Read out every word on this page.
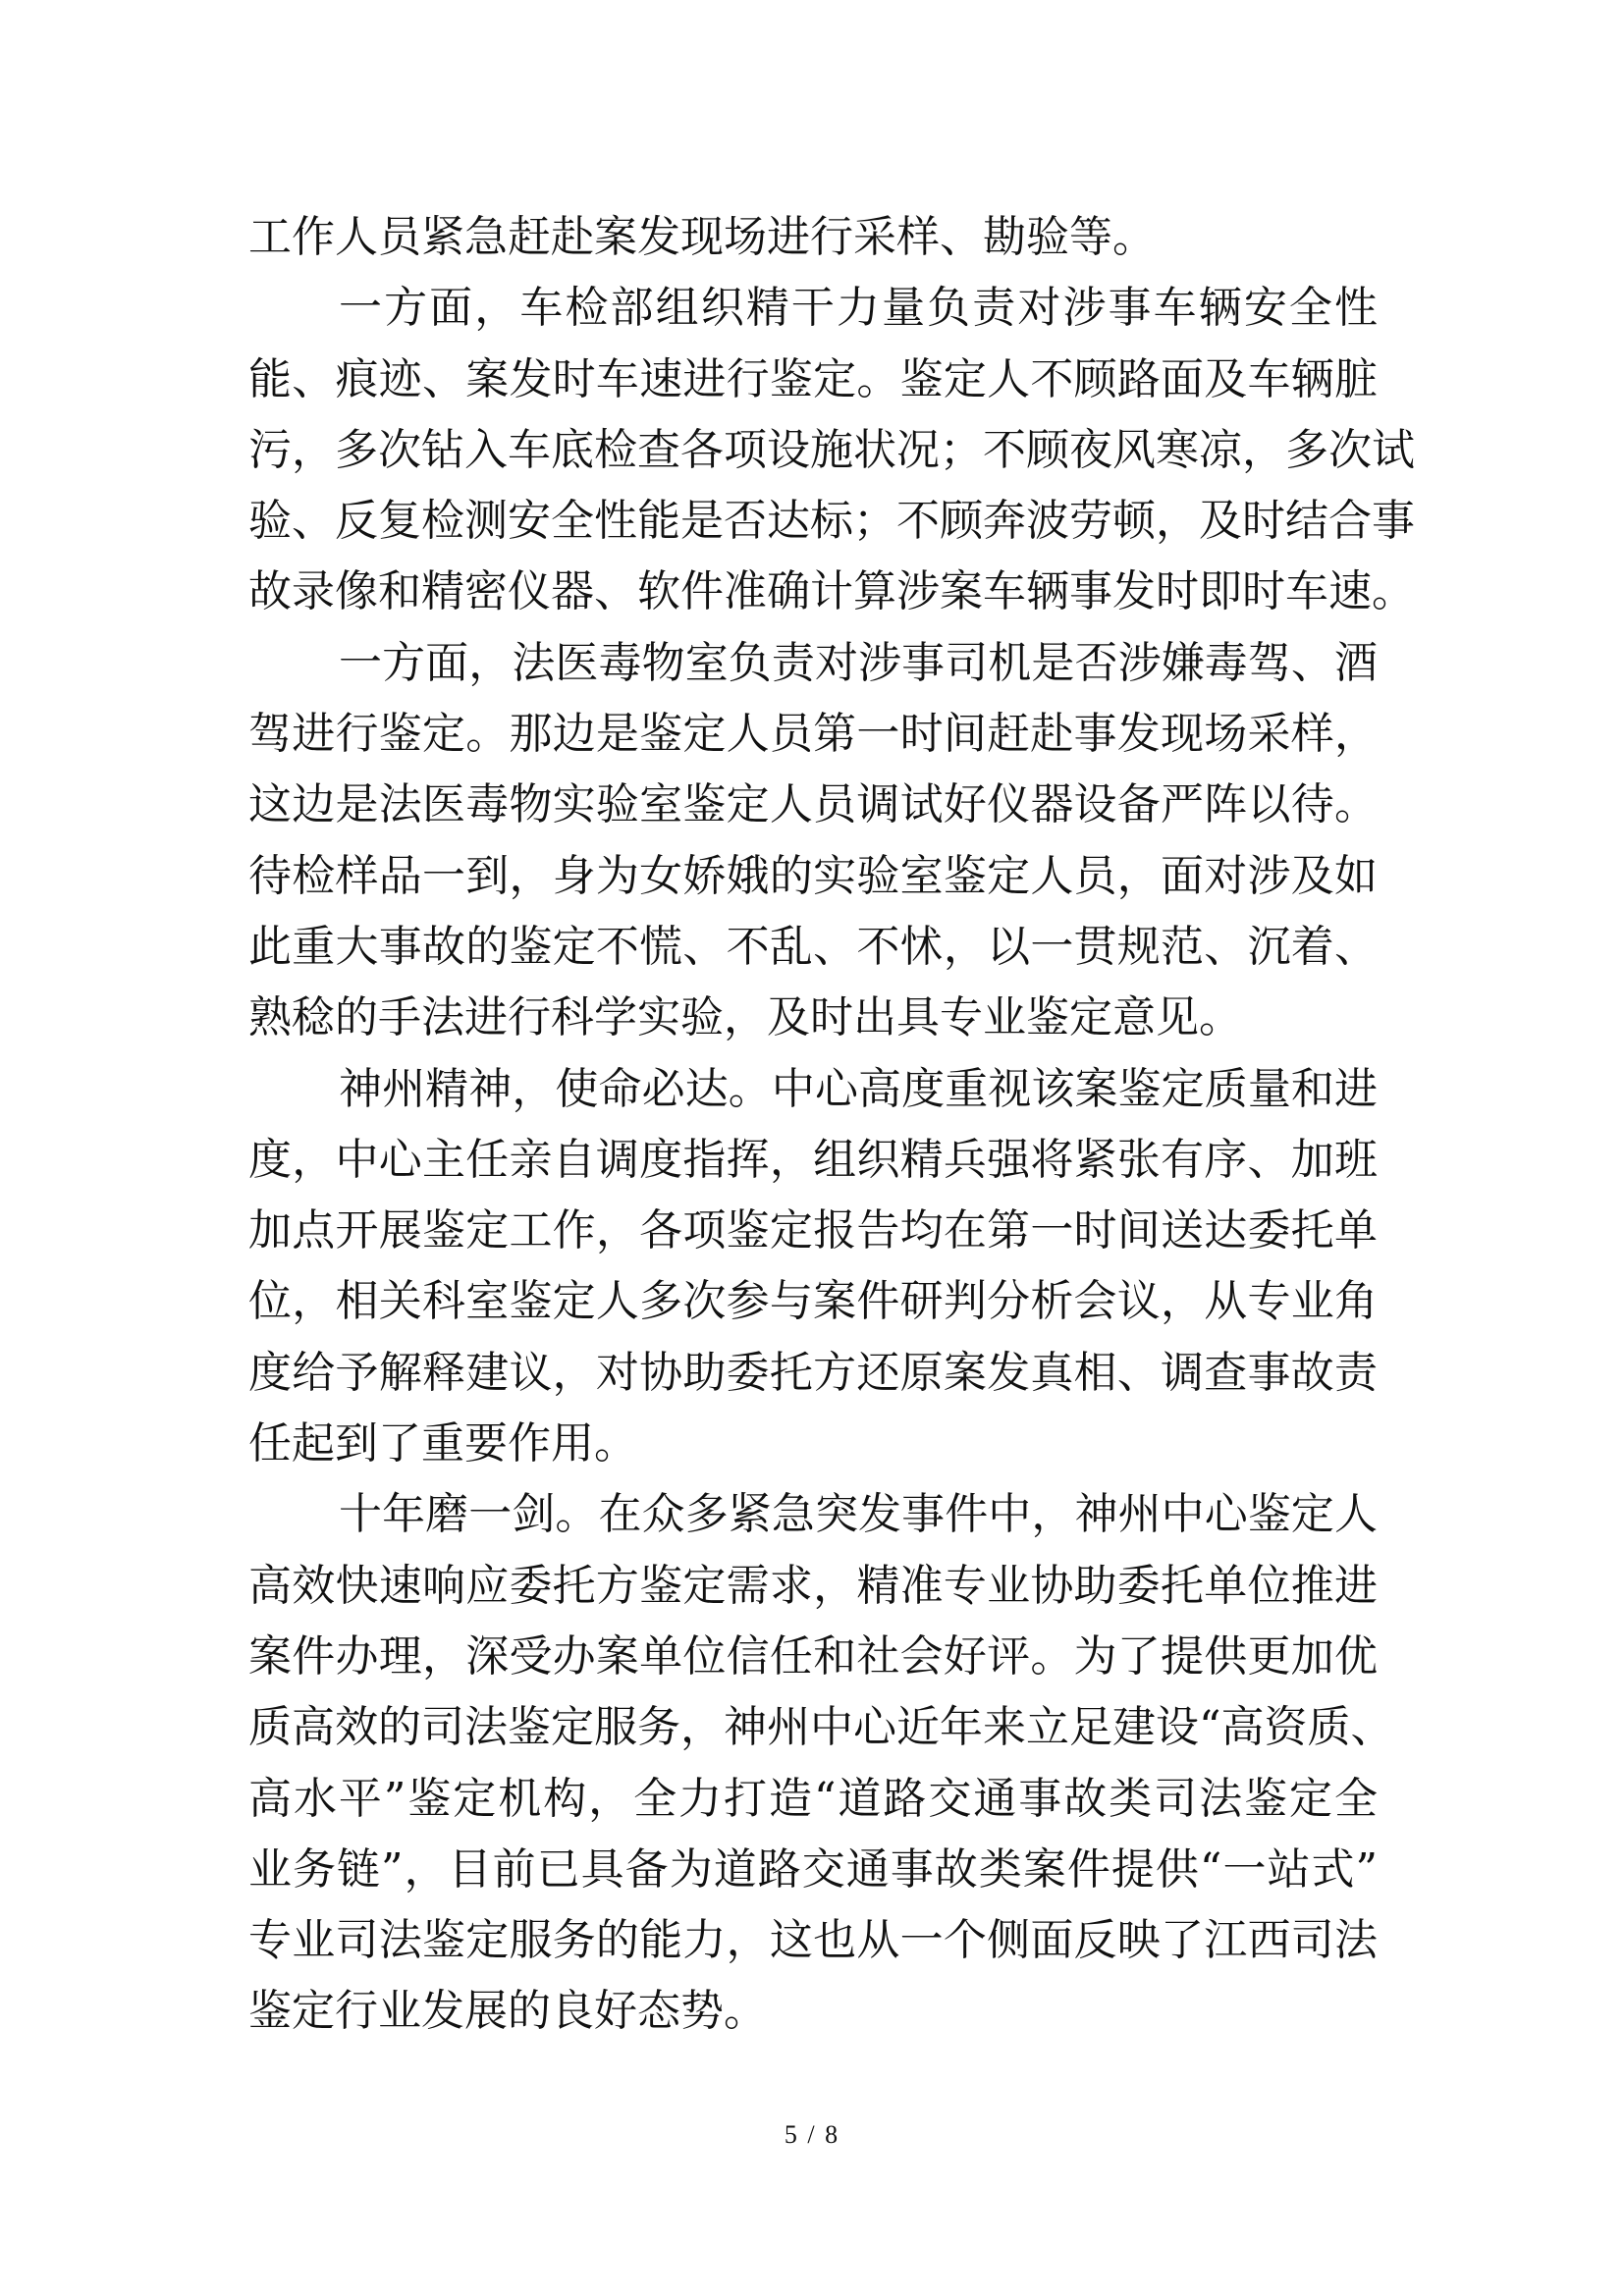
工作人员紧急赶赴案发现场进行采样、勘验等。
一方面，车检部组织精干力量负责对涉事车辆安全性
能、痕迹、案发时车速进行鉴定。鉴定人不顾路面及车辆脏
污，多次钻入车底检查各项设施状况；不顾夜风寒凉，多次试
验、反复检测安全性能是否达标；不顾奔波劳顿，及时结合事
故录像和精密仪器、软件准确计算涉案车辆事发时即时车速。
一方面，法医毒物室负责对涉事司机是否涉嫌毒驾、酒
驾进行鉴定。那边是鉴定人员第一时间赶赴事发现场采样，
这边是法医毒物实验室鉴定人员调试好仪器设备严阵以待。
待检样品一到，身为女娇娥的实验室鉴定人员，面对涉及如
此重大事故的鉴定不慌、不乱、不怵，以一贯规范、沉着、
熟稔的手法进行科学实验，及时出具专业鉴定意见。
神州精神，使命必达。中心高度重视该案鉴定质量和进
度，中心主任亲自调度指挥，组织精兵强将紧张有序、加班
加点开展鉴定工作，各项鉴定报告均在第一时间送达委托单
位，相关科室鉴定人多次参与案件研判分析会议，从专业角
度给予解释建议，对协助委托方还原案发真相、调查事故责
任起到了重要作用。
十年磨一剑。在众多紧急突发事件中，神州中心鉴定人
高效快速响应委托方鉴定需求，精准专业协助委托单位推进
案件办理，深受办案单位信任和社会好评。为了提供更加优
质高效的司法鉴定服务，神州中心近年来立足建设“高资质、
高水平”鉴定机构，全力打造“道路交通事故类司法鉴定全
业务链”，目前已具备为道路交通事故类案件提供“一站式”
专业司法鉴定服务的能力，这也从一个侧面反映了江西司法
鉴定行业发展的良好态势。
5 / 8
